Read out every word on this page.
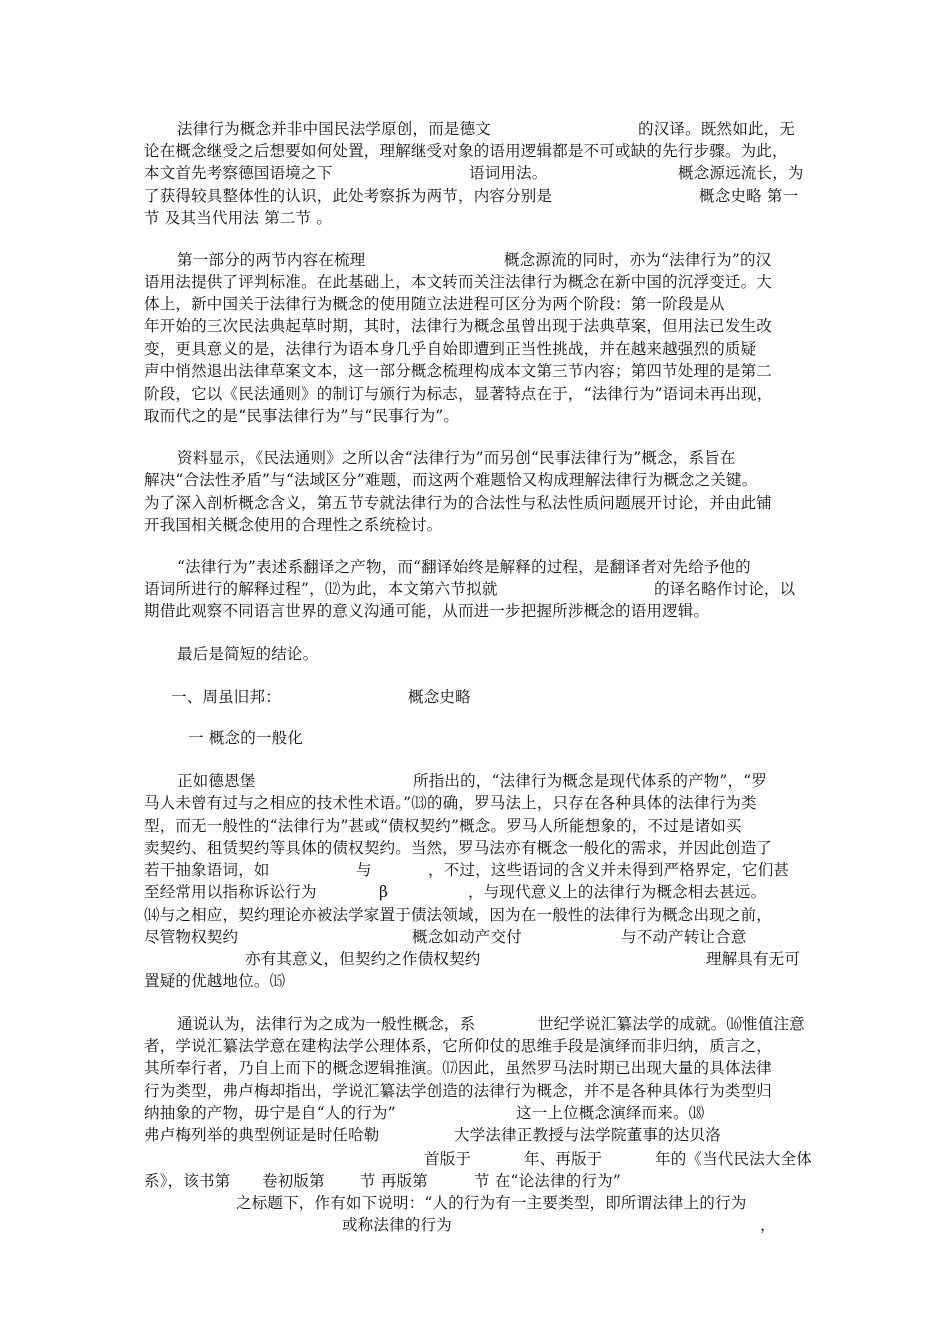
法律行为概念并非中国民法学原创，而是德文	的汉译。既然如此，无
论在概念继受之后想要如何处置，理解继受对象的语用逻辑都是不可或缺的先行步骤。为此，
本文首先考察德国语境之下	语词用法。	概念源远流长，为
了获得较具整体性的认识，此处考察拆为两节，内容分别是	概念史略 第一
节 及其当代用法 第二节 。
第一部分的两节内容在梳理	概念源流的同时，亦为“法律行为”的汉
语用法提供了评判标准。在此基础上，本文转而关注法律行为概念在新中国的沉浮变迁。大
体上，新中国关于法律行为概念的使用随立法进程可区分为两个阶段：第一阶段是从
年开始的三次民法典起草时期，其时，法律行为概念虽曾出现于法典草案，但用法已发生改
变，更具意义的是，法律行为语本身几乎自始即遭到正当性挑战，并在越来越强烈的质疑
声中悄然退出法律草案文本，这一部分概念梳理构成本文第三节内容；第四节处理的是第二
阶段，它以《民法通则》的制订与颁行为标志，显著特点在于，“法律行为”语词未再出现，
取而代之的是“民事法律行为”与“民事行为”。
资料显示，《民法通则》之所以舍“法律行为”而另创“民事法律行为”概念，系旨在
解决“合法性矛盾”与“法域区分”难题，而这两个难题恰又构成理解法律行为概念之关键。
为了深入剖析概念含义，第五节专就法律行为的合法性与私法性质问题展开讨论，并由此铺
开我国相关概念使用的合理性之系统检讨。
“法律行为”表述系翻译之产物，而“翻译始终是解释的过程，是翻译者对先给予他的
语词所进行的解释过程”，⑿为此，本文第六节拟就	的译名略作讨论，以
期借此观察不同语言世界的意义沟通可能，从而进一步把握所涉概念的语用逻辑。
最后是简短的结论。
一、周虽旧邦：	概念史略
一 概念的一般化
正如德恩堡	所指出的，“法律行为概念是现代体系的产物”，“罗
马人未曾有过与之相应的技术性术语。”⒀的确，罗马法上，只存在各种具体的法律行为类
型，而无一般性的“法律行为”甚或“债权契约”概念。罗马人所能想象的，不过是诸如买
卖契约、租赁契约等具体的债权契约。当然，罗马法亦有概念一般化的需求，并因此创造了
若干抽象语词，如	与	，不过，这些语词的含义并未得到严格界定，它们甚
至经常用以指称诉讼行为	β	，与现代意义上的法律行为概念相去甚远。
⒁与之相应，契约理论亦被法学家置于债法领域，因为在一般性的法律行为概念出现之前，
尽管物权契约	概念如动产交付	与不动产转让合意
亦有其意义，但契约之作债权契约	理解具有无可
置疑的优越地位。⒂
通说认为，法律行为之成为一般性概念，系	世纪学说汇纂法学的成就。⒃惟值注意
者，学说汇纂法学意在建构法学公理体系，它所仰仗的思维手段是演绎而非归纳，质言之，
其所奉行者，乃自上而下的概念逻辑推演。⒄因此，虽然罗马法时期已出现大量的具体法律
行为类型，弗卢梅却指出，学说汇纂法学创造的法律行为概念，并不是各种具体行为类型归
纳抽象的产物，毋宁是自“人的行为”	这一上位概念演绎而来。⒅
弗卢梅列举的典型例证是时任哈勒	大学法律正教授与法学院董事的达贝洛
首版于	年、再版于	年的《当代民法大全体
系》，该书第 卷初版第 节 再版第	节 在“论法律的行为”
之标题下，作有如下说明：“人的行为有一主要类型，即所谓法律上的行为
或称法律的行为	，
